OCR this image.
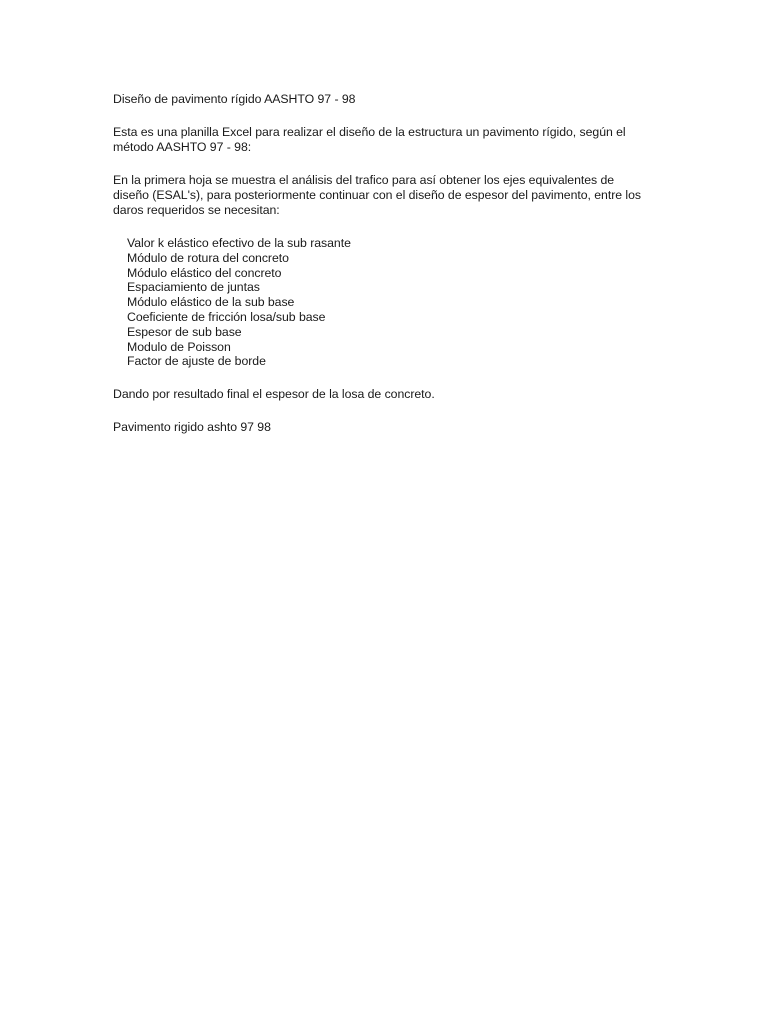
Diseño de pavimento rígido AASHTO 97 - 98

Esta es una planilla Excel para realizar el diseño de la estructura un pavimento rígido, según el método AASHTO 97 - 98:

En la primera hoja se muestra el análisis del trafico para así obtener los ejes equivalentes de diseño (ESAL's), para posteriormente continuar con el diseño de espesor del pavimento, entre los daros requeridos se necesitan:

Valor k elástico efectivo de la sub rasante
Módulo de rotura del concreto
Módulo elástico del concreto
Espaciamiento de juntas
Módulo elástico de la sub base
Coeficiente de fricción losa/sub base
Espesor de sub base
Modulo de Poisson
Factor de ajuste de borde

Dando por resultado final el espesor de la losa de concreto.

Pavimento rigido ashto 97 98
